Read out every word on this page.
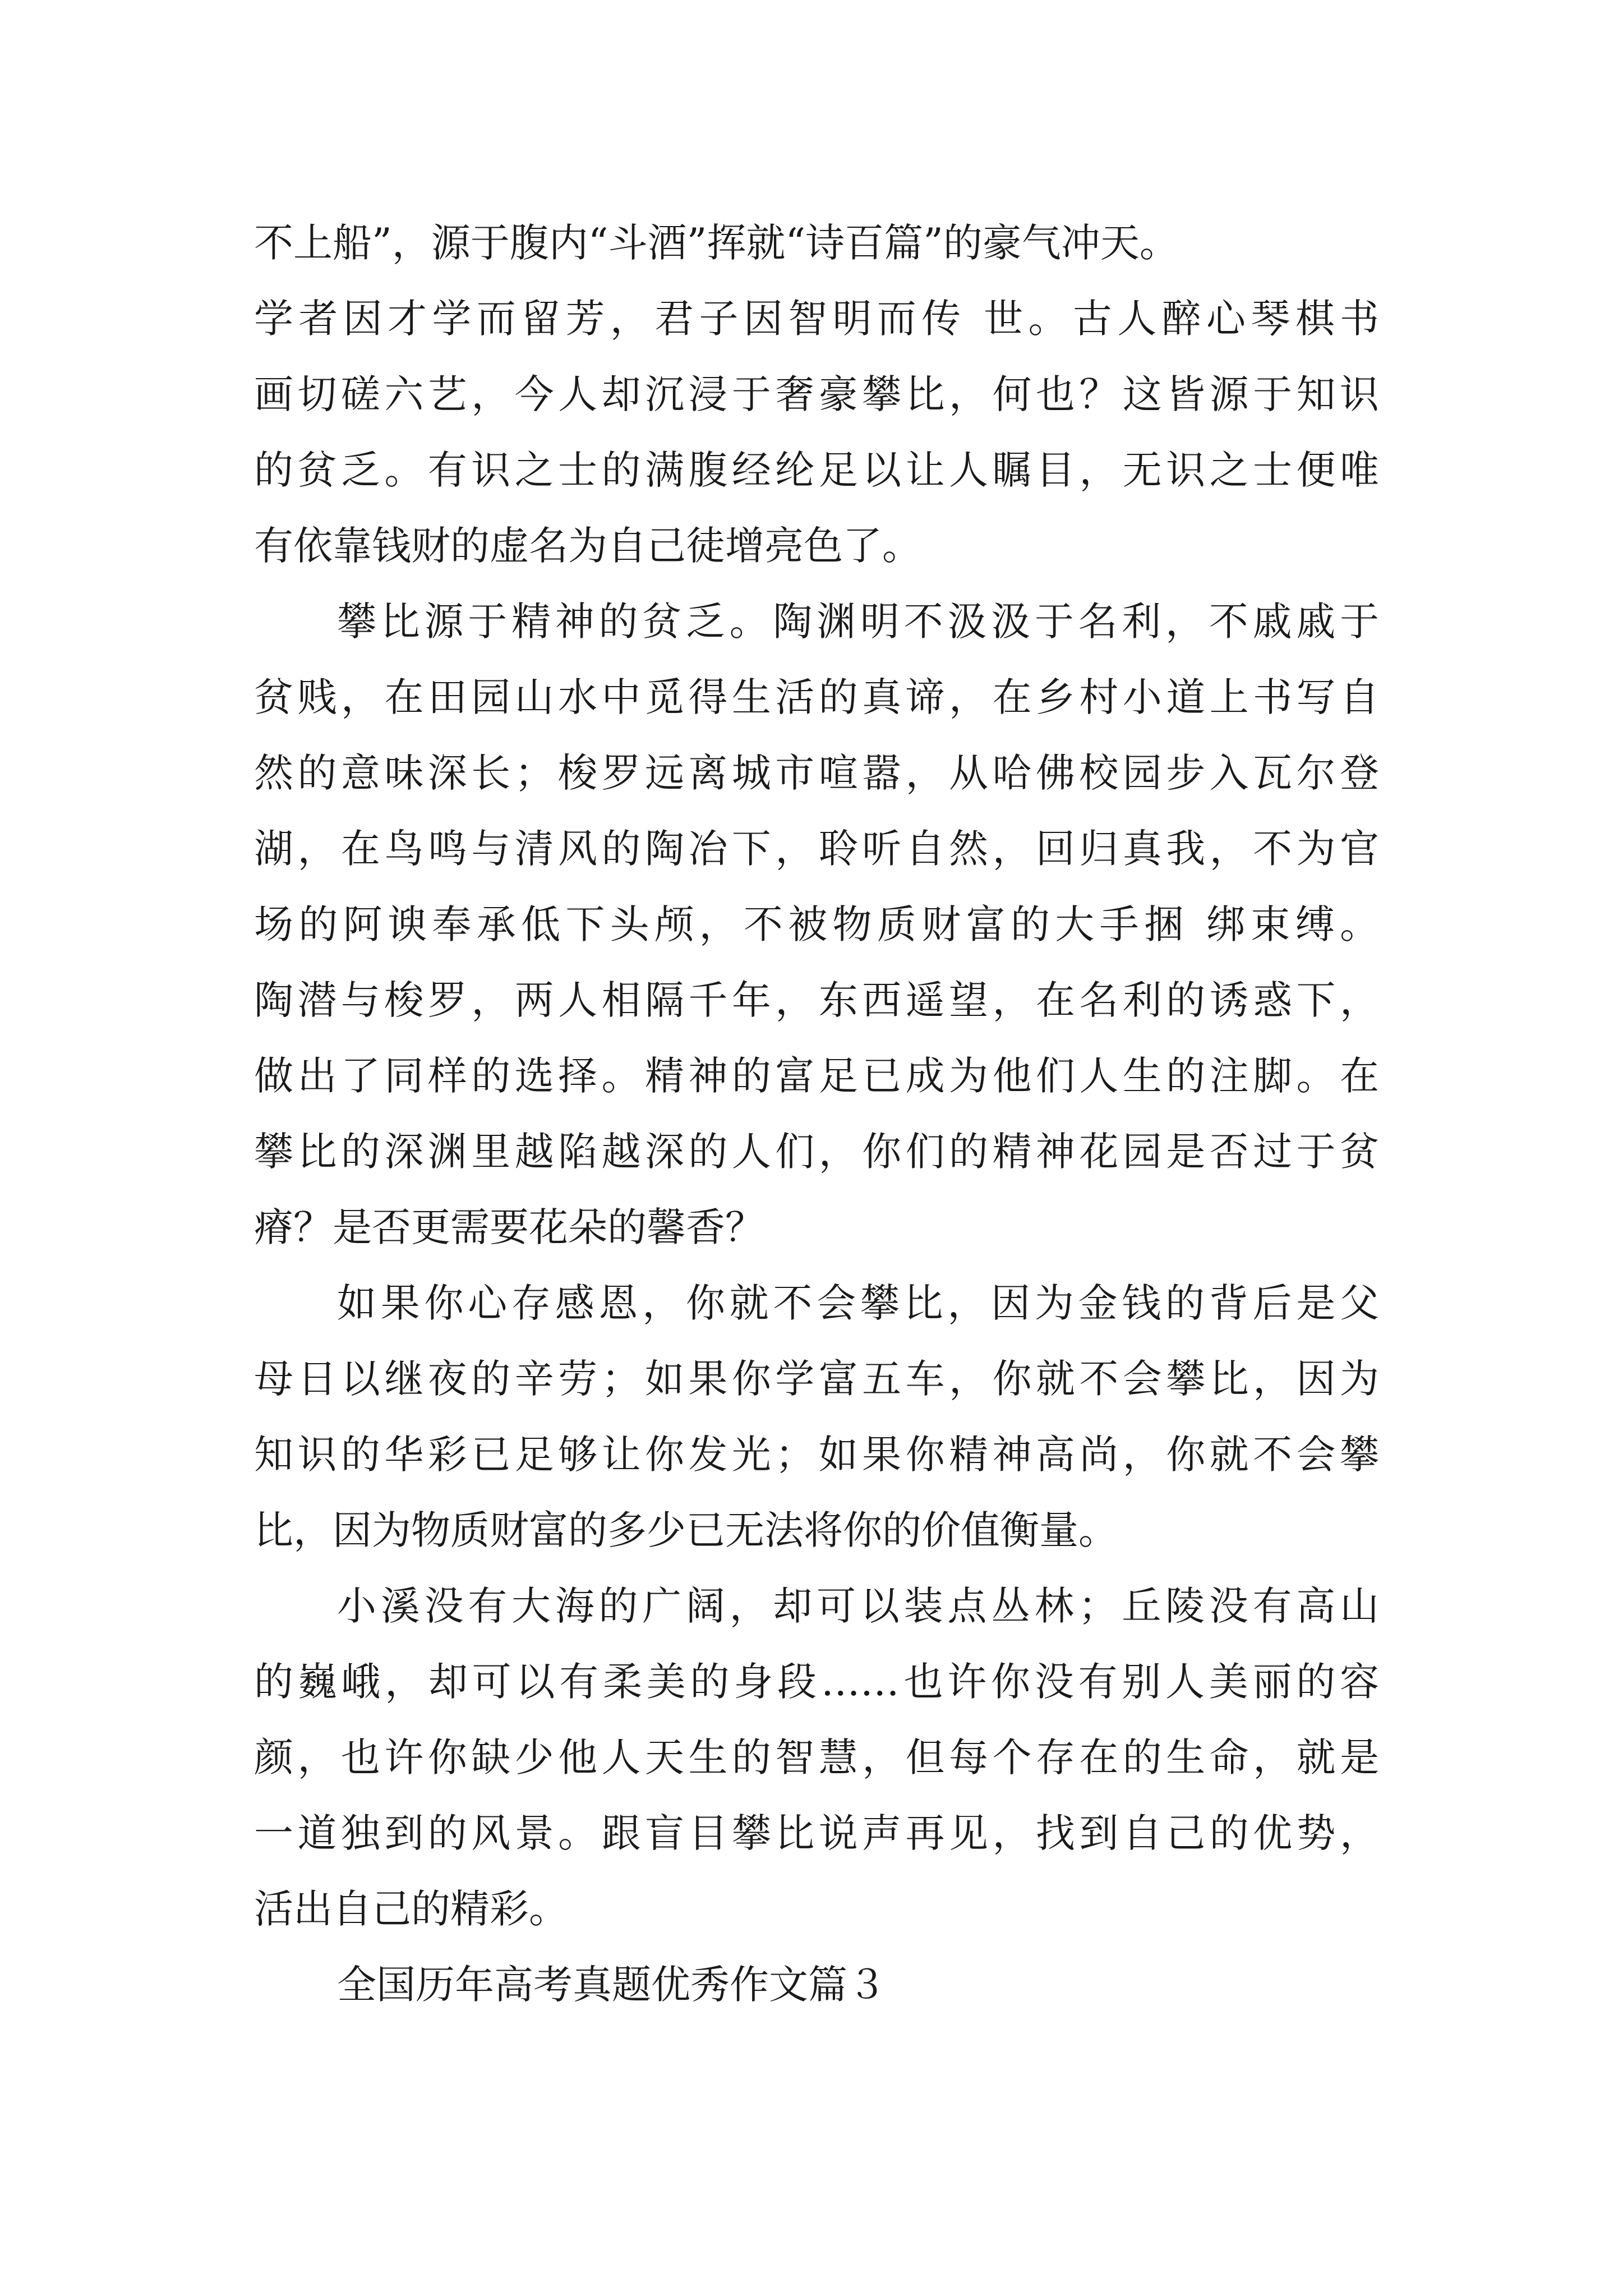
不上船”，源于腹内“斗酒”挥就“诗百篇”的豪气冲天。
学者因才学而留芳，君子因智明而传 世。古人醉心琴棋书
画切磋六艺，今人却沉浸于奢豪攀比，何也？这皆源于知识
的贫乏。有识之士的满腹经纶足以让人瞩目，无识之士便唯
有依靠钱财的虚名为自己徒增亮色了。
攀比源于精神的贫乏。陶渊明不汲汲于名利，不戚戚于
贫贱，在田园山水中觅得生活的真谛，在乡村小道上书写自
然的意味深长；梭罗远离城市喧嚣，从哈佛校园步入瓦尔登
湖，在鸟鸣与清风的陶冶下，聆听自然，回归真我，不为官
场的阿谀奉承低下头颅，不被物质财富的大手捆 绑束缚。
陶潜与梭罗，两人相隔千年，东西遥望，在名利的诱惑下，
做出了同样的选择。精神的富足已成为他们人生的注脚。在
攀比的深渊里越陷越深的人们，你们的精神花园是否过于贫
瘠？是否更需要花朵的馨香？
如果你心存感恩，你就不会攀比，因为金钱的背后是父
母日以继夜的辛劳；如果你学富五车，你就不会攀比，因为
知识的华彩已足够让你发光；如果你精神高尚，你就不会攀
比，因为物质财富的多少已无法将你的价值衡量。
小溪没有大海的广阔，却可以装点丛林；丘陵没有高山
的巍峨，却可以有柔美的身段……也许你没有别人美丽的容
颜，也许你缺少他人天生的智慧，但每个存在的生命，就是
一道独到的风景。跟盲目攀比说声再见，找到自己的优势，
活出自己的精彩。
全国历年高考真题优秀作文篇３
